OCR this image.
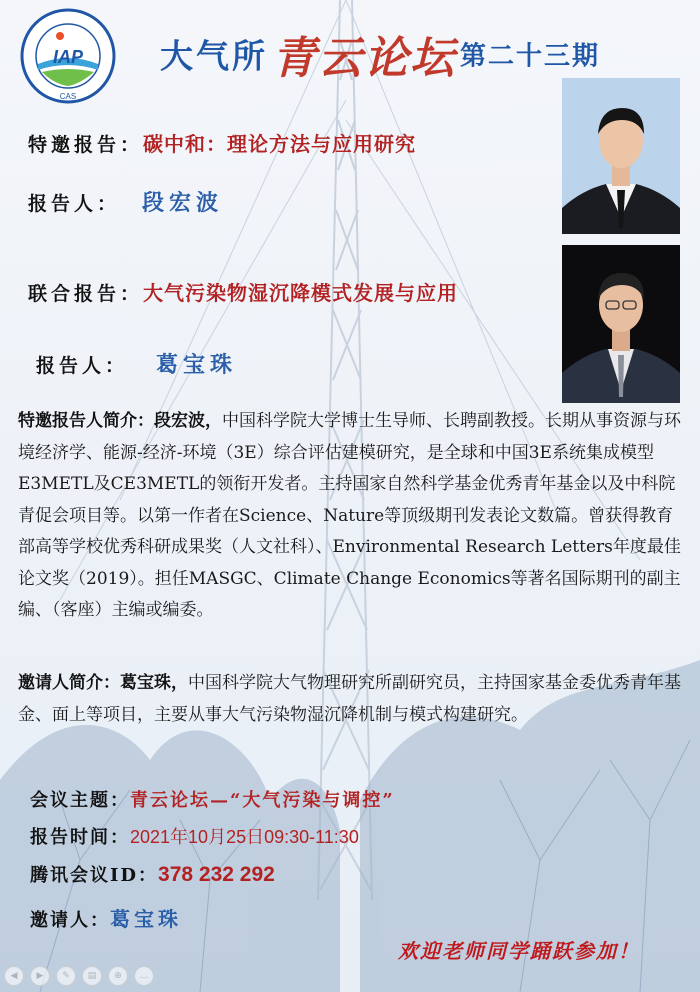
IAP
CAS
大气所青云论坛 第二十三期
特邀报告：碳中和：理论方法与应用研究
报告人： 段宏波
联合报告：大气污染物湿沉降模式发展与应用
报告人： 葛宝珠
特邀报告人简介：段宏波，中国科学院大学博士生导师、长聘副教授。长期从事资源与环境经济学、能源-经济-环境（3E）综合评估建模研究，是全球和中国3E系统集成模型E3METL及CE3METL的领衔开发者。主持国家自然科学基金优秀青年基金以及中科院青促会项目等。以第一作者在Science、Nature等顶级期刊发表论文数篇。曾获得教育部高等学校优秀科研成果奖（人文社科）、Environmental Research Letters年度最佳论文奖（2019）。担任MASGC、Climate Change Economics等著名国际期刊的副主编、（客座）主编或编委。
邀请人简介：葛宝珠，中国科学院大气物理研究所副研究员，主持国家基金委优秀青年基金、面上等项目，主要从事大气污染物湿沉降机制与模式构建研究。
会议主题：青云论坛—“大气污染与调控”
报告时间：2021年10月25日09:30-11:30
腾讯会议ID：378 232 292
邀请人：葛宝珠
欢迎老师同学踊跃参加！
◀	▶	✎	▤	⊕	…
